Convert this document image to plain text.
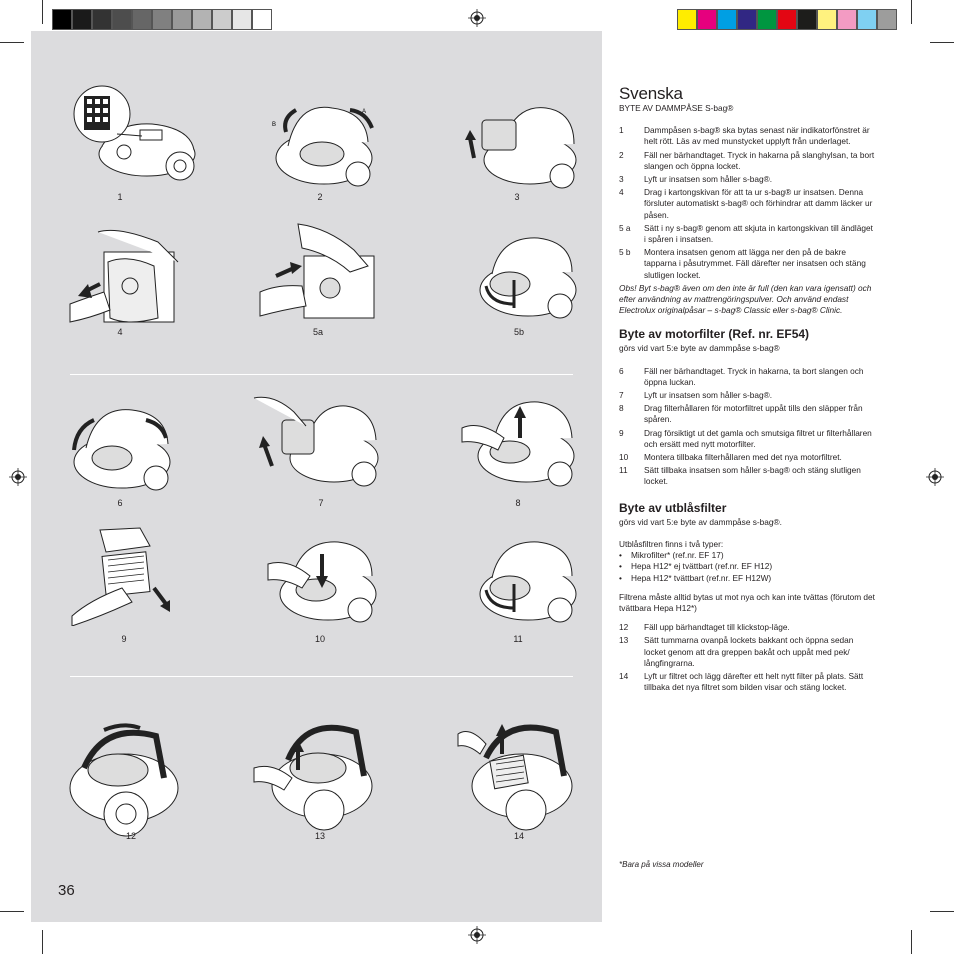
B
A
1	2	3
4	5a	5b
6	7	8
9	10	11
12	13	14
36
Svenska

BYTE AV DAMMPÅSE S-bag®

1	Dammpåsen s-bag® ska bytas senast när indikatorfönstret är helt rött. Läs av med munstycket upplyft från underlaget.
2	Fäll ner bärhandtaget. Tryck in hakarna på slanghylsan, ta bort slangen och öppna locket.
3	Lyft ur insatsen som håller s-bag®.
4	Drag i kartongskivan för att ta ur s-bag® ur insatsen. Denna försluter automatiskt s-bag® och förhindrar att damm läcker ur påsen.
5 a	Sätt i ny s-bag® genom att skjuta in kartongskivan till ändläget i spåren i insatsen.
5 b	Montera insatsen genom att lägga ner den på de bakre tapparna i påsutrymmet. Fäll därefter ner insatsen och stäng slutligen locket.

Obs! Byt s-bag® även om den inte är full (den kan vara igensatt) och efter användning av mattrengöringspulver. Och använd endast

Electrolux originalpåsar – s-bag® Classic eller s-bag® Clinic.

Byte av motorfilter (Ref. nr. EF54)

görs vid vart 5:e byte av dammpåse s-bag®

6	Fäll ner bärhandtaget. Tryck in hakarna, ta bort slangen och öppna luckan.
7	Lyft ur insatsen som håller s-bag®.
8	Drag filterhållaren för motorfiltret uppåt tills den släpper från spåren.
9	Drag försiktigt ut det gamla och smutsiga filtret ur filterhållaren och ersätt med nytt motorfilter.
10	Montera tillbaka filterhållaren med det nya motorfiltret.
11	Sätt tillbaka insatsen som håller s-bag® och stäng slutligen locket.
Byte av utblåsfilter

görs vid vart 5:e byte av dammpåse s-bag®.

Utblåsfiltren finns i två typer:

•	Mikrofilter* (ref.nr. EF 17)
•	Hepa H12* ej tvättbart (ref.nr. EF H12)
•	Hepa H12* tvättbart (ref.nr. EF H12W)

Filtrena måste alltid bytas ut mot nya och kan inte tvättas (förutom det tvättbara Hepa H12*)

12	Fäll upp bärhandtaget till klickstop-läge.
13	Sätt tummarna ovanpå lockets bakkant och öppna sedan locket genom att dra greppen bakåt och uppåt med pek/ långfingrarna.
14	Lyft ur filtret och lägg därefter ett helt nytt filter på plats. Sätt tillbaka det nya filtret som bilden visar och stäng locket.
*Bara på vissa modeller
